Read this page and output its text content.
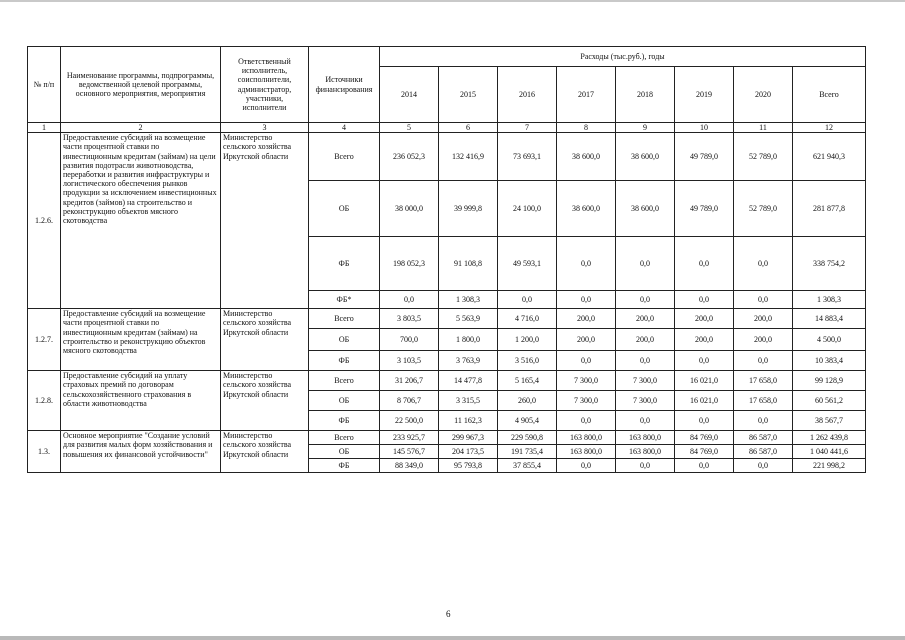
№ п/п	Наименование программы, подпрограммы, ведомственной целевой программы, основного мероприятия, мероприятия	Ответственный исполнитель, соисполнители, администратор, участники, исполнители	Источники финансирования	Расходы (тыс.руб.), годы							
				2014	2015	2016	2017	2018	2019	2020	Всего
1	2	3	4	5	6	7	8	9	10	11	12
1.2.6.	Предоставление субсидий на возмещение части процентной ставки по инвестиционным кредитам (займам) на цели развития подотрасли животноводства, переработки и развития инфраструктуры и логистического обеспечения рынков продукции за исключением инвестиционных кредитов (займов) на строительство и реконструкцию объектов мясного скотоводства	Министерство сельского хозяйства Иркутской области	Всего	236 052,3	132 416,9	73 693,1	38 600,0	38 600,0	49 789,0	52 789,0	621 940,3
			ОБ	38 000,0	39 999,8	24 100,0	38 600,0	38 600,0	49 789,0	52 789,0	281 877,8
			ФБ	198 052,3	91 108,8	49 593,1	0,0	0,0	0,0	0,0	338 754,2
			ФБ*	0,0	1 308,3	0,0	0,0	0,0	0,0	0,0	1 308,3
1.2.7.	Предоставление субсидий на возмещение части процентной ставки по инвестиционным кредитам (займам) на строительство и реконструкцию объектов мясного скотоводства	Министерство сельского хозяйства Иркутской области	Всего	3 803,5	5 563,9	4 716,0	200,0	200,0	200,0	200,0	14 883,4
			ОБ	700,0	1 800,0	1 200,0	200,0	200,0	200,0	200,0	4 500,0
			ФБ	3 103,5	3 763,9	3 516,0	0,0	0,0	0,0	0,0	10 383,4
1.2.8.	Предоставление субсидий на уплату страховых премий по договорам сельскохозяйственного страхования в области животноводства	Министерство сельского хозяйства Иркутской области	Всего	31 206,7	14 477,8	5 165,4	7 300,0	7 300,0	16 021,0	17 658,0	99 128,9
			ОБ	8 706,7	3 315,5	260,0	7 300,0	7 300,0	16 021,0	17 658,0	60 561,2
			ФБ	22 500,0	11 162,3	4 905,4	0,0	0,0	0,0	0,0	38 567,7
1.3.	Основное мероприятие "Создание условий для развития малых форм хозяйствования и повышения их финансовой устойчивости"	Министерство сельского хозяйства Иркутской области	Всего	233 925,7	299 967,3	229 590,8	163 800,0	163 800,0	84 769,0	86 587,0	1 262 439,8
			ОБ	145 576,7	204 173,5	191 735,4	163 800,0	163 800,0	84 769,0	86 587,0	1 040 441,6
			ФБ	88 349,0	95 793,8	37 855,4	0,0	0,0	0,0	0,0	221 998,2
6
